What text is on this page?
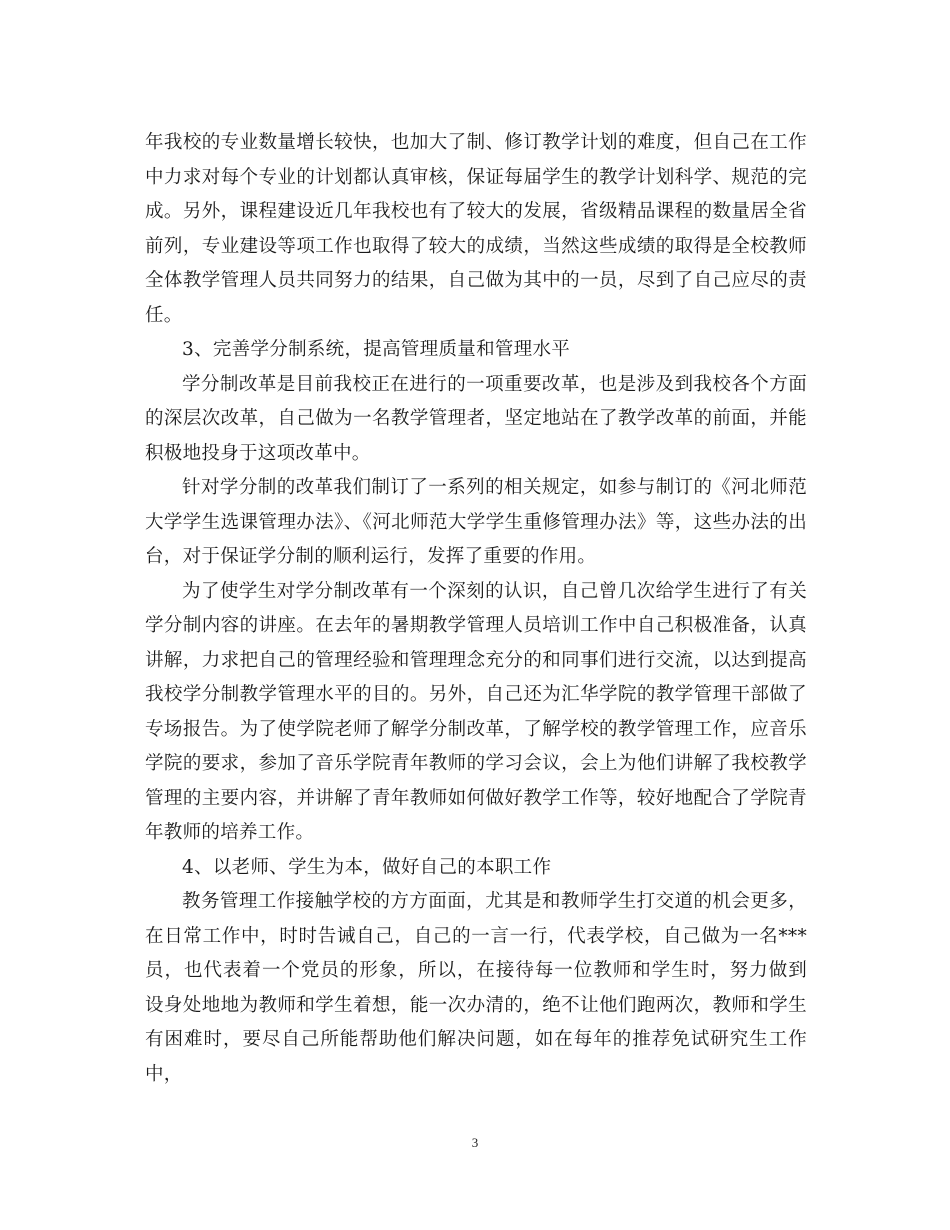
年我校的专业数量增长较快，也加大了制、修订教学计划的难度，但自己在工作中力求对每个专业的计划都认真审核，保证每届学生的教学计划科学、规范的完成。另外，课程建设近几年我校也有了较大的发展，省级精品课程的数量居全省前列，专业建设等项工作也取得了较大的成绩，当然这些成绩的取得是全校教师全体教学管理人员共同努力的结果，自己做为其中的一员，尽到了自己应尽的责任。

3、完善学分制系统，提高管理质量和管理水平

学分制改革是目前我校正在进行的一项重要改革，也是涉及到我校各个方面的深层次改革，自己做为一名教学管理者，坚定地站在了教学改革的前面，并能积极地投身于这项改革中。

针对学分制的改革我们制订了一系列的相关规定，如参与制订的《河北师范大学学生选课管理办法》、《河北师范大学学生重修管理办法》等，这些办法的出台，对于保证学分制的顺利运行，发挥了重要的作用。

为了使学生对学分制改革有一个深刻的认识，自己曾几次给学生进行了有关学分制内容的讲座。在去年的暑期教学管理人员培训工作中自己积极准备，认真讲解，力求把自己的管理经验和管理理念充分的和同事们进行交流，以达到提高我校学分制教学管理水平的目的。另外，自己还为汇华学院的教学管理干部做了专场报告。为了使学院老师了解学分制改革，了解学校的教学管理工作，应音乐学院的要求，参加了音乐学院青年教师的学习会议，会上为他们讲解了我校教学管理的主要内容，并讲解了青年教师如何做好教学工作等，较好地配合了学院青年教师的培养工作。

4、以老师、学生为本，做好自己的本职工作

教务管理工作接触学校的方方面面，尤其是和教师学生打交道的机会更多，在日常工作中，时时告诫自己，自己的一言一行，代表学校，自己做为一名***员，也代表着一个党员的形象，所以，在接待每一位教师和学生时，努力做到 设身处地地为教师和学生着想，能一次办清的，绝不让他们跑两次，教师和学生有困难时，要尽自己所能帮助他们解决问题，如在每年的推荐免试研究生工作中，

3
